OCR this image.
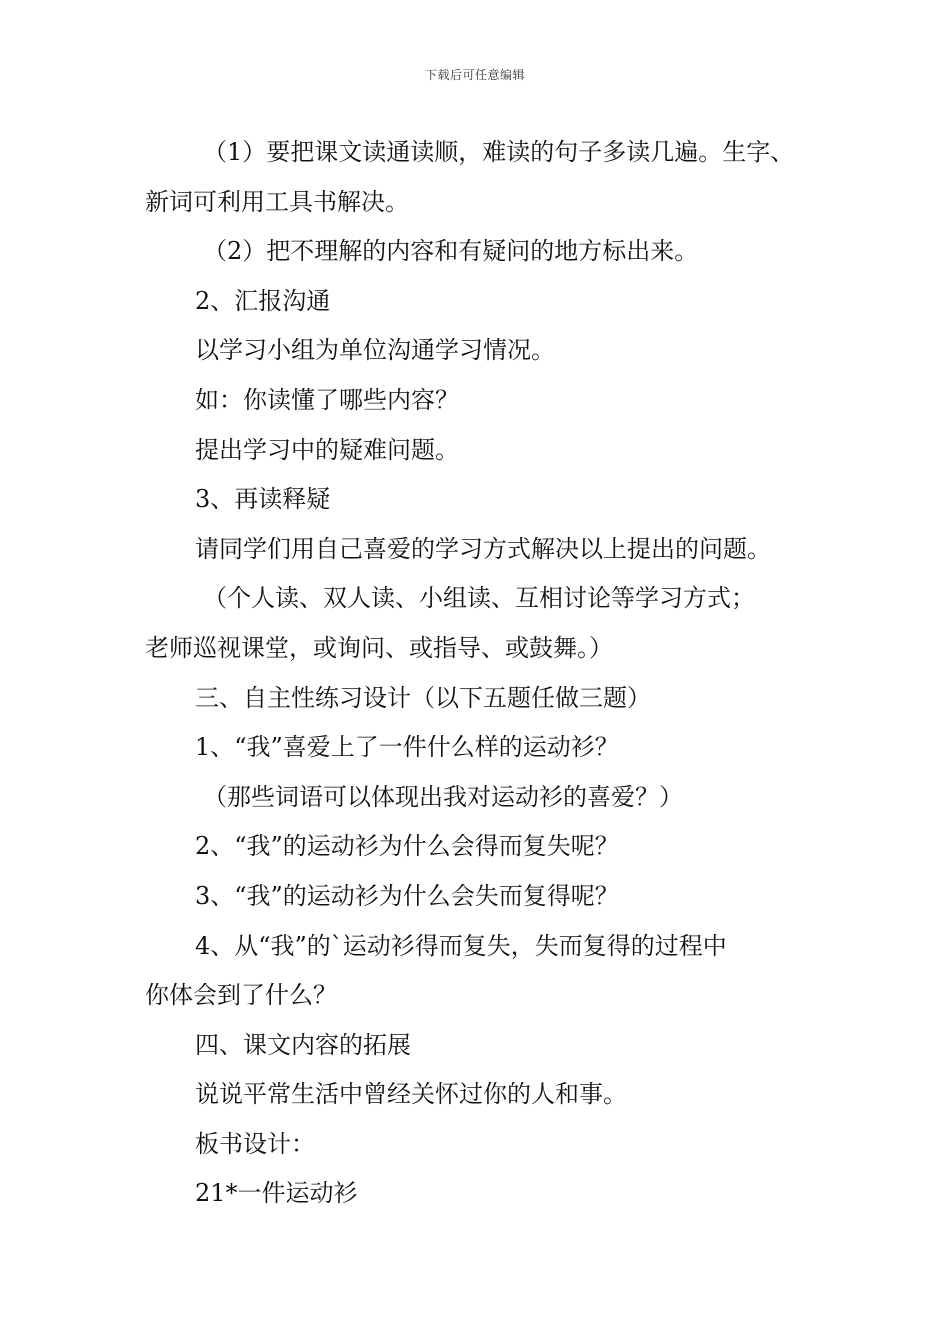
下载后可任意编辑
（1）要把课文读通读顺，难读的句子多读几遍。生字、
新词可利用工具书解决。
（2）把不理解的内容和有疑问的地方标出来。
2、汇报沟通
以学习小组为单位沟通学习情况。
如：你读懂了哪些内容？
提出学习中的疑难问题。
3、再读释疑
请同学们用自己喜爱的学习方式解决以上提出的问题。
（个人读、双人读、小组读、互相讨论等学习方式；
老师巡视课堂，或询问、或指导、或鼓舞。）
三、自主性练习设计（以下五题任做三题）
1、“我”喜爱上了一件什么样的运动衫？
（那些词语可以体现出我对运动衫的喜爱？）
2、“我”的运动衫为什么会得而复失呢？
3、“我”的运动衫为什么会失而复得呢？
4、从“我”的`运动衫得而复失，失而复得的过程中
你体会到了什么？
四、课文内容的拓展
说说平常生活中曾经关怀过你的人和事。
板书设计：
21*一件运动衫
